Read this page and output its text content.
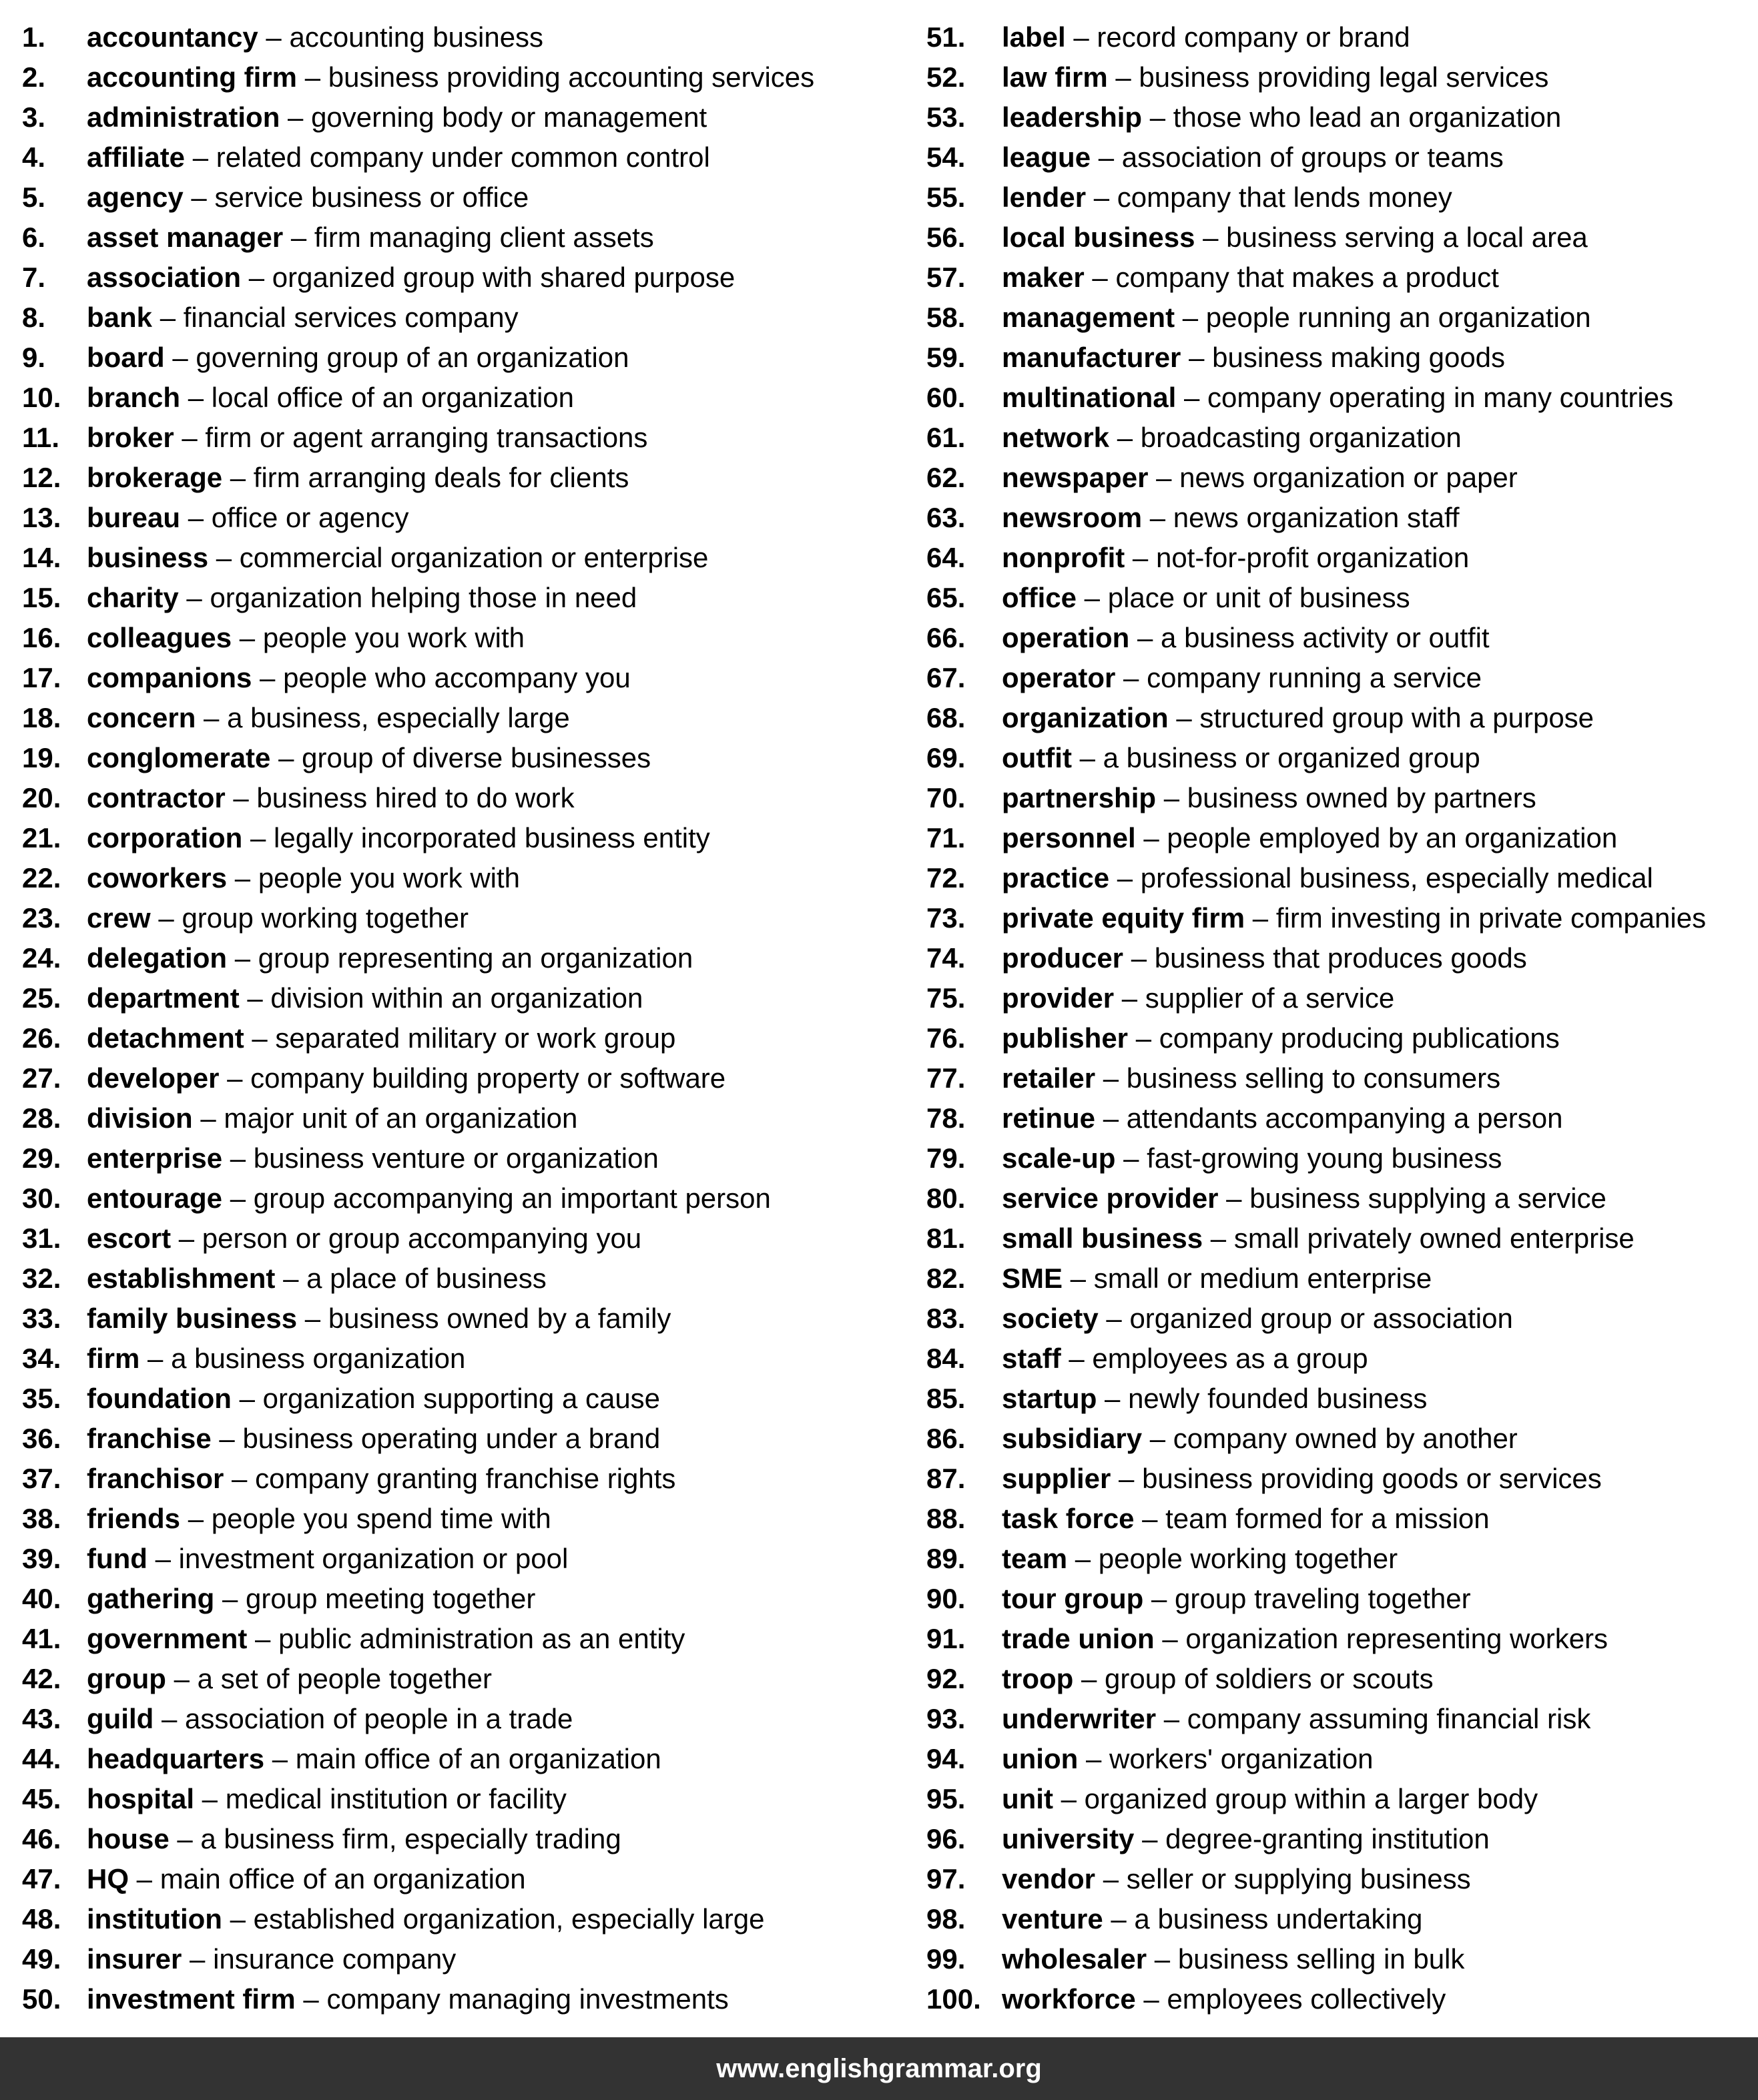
1. accountancy – accounting business
2. accounting firm – business providing accounting services
3. administration – governing body or management
4. affiliate – related company under common control
5. agency – service business or office
6. asset manager – firm managing client assets
7. association – organized group with shared purpose
8. bank – financial services company
9. board – governing group of an organization
10. branch – local office of an organization
11. broker – firm or agent arranging transactions
12. brokerage – firm arranging deals for clients
13. bureau – office or agency
14. business – commercial organization or enterprise
15. charity – organization helping those in need
16. colleagues – people you work with
17. companions – people who accompany you
18. concern – a business, especially large
19. conglomerate – group of diverse businesses
20. contractor – business hired to do work
21. corporation – legally incorporated business entity
22. coworkers – people you work with
23. crew – group working together
24. delegation – group representing an organization
25. department – division within an organization
26. detachment – separated military or work group
27. developer – company building property or software
28. division – major unit of an organization
29. enterprise – business venture or organization
30. entourage – group accompanying an important person
31. escort – person or group accompanying you
32. establishment – a place of business
33. family business – business owned by a family
34. firm – a business organization
35. foundation – organization supporting a cause
36. franchise – business operating under a brand
37. franchisor – company granting franchise rights
38. friends – people you spend time with
39. fund – investment organization or pool
40. gathering – group meeting together
41. government – public administration as an entity
42. group – a set of people together
43. guild – association of people in a trade
44. headquarters – main office of an organization
45. hospital – medical institution or facility
46. house – a business firm, especially trading
47. HQ – main office of an organization
48. institution – established organization, especially large
49. insurer – insurance company
50. investment firm – company managing investments
51. label – record company or brand
52. law firm – business providing legal services
53. leadership – those who lead an organization
54. league – association of groups or teams
55. lender – company that lends money
56. local business – business serving a local area
57. maker – company that makes a product
58. management – people running an organization
59. manufacturer – business making goods
60. multinational – company operating in many countries
61. network – broadcasting organization
62. newspaper – news organization or paper
63. newsroom – news organization staff
64. nonprofit – not-for-profit organization
65. office – place or unit of business
66. operation – a business activity or outfit
67. operator – company running a service
68. organization – structured group with a purpose
69. outfit – a business or organized group
70. partnership – business owned by partners
71. personnel – people employed by an organization
72. practice – professional business, especially medical
73. private equity firm – firm investing in private companies
74. producer – business that produces goods
75. provider – supplier of a service
76. publisher – company producing publications
77. retailer – business selling to consumers
78. retinue – attendants accompanying a person
79. scale-up – fast-growing young business
80. service provider – business supplying a service
81. small business – small privately owned enterprise
82. SME – small or medium enterprise
83. society – organized group or association
84. staff – employees as a group
85. startup – newly founded business
86. subsidiary – company owned by another
87. supplier – business providing goods or services
88. task force – team formed for a mission
89. team – people working together
90. tour group – group traveling together
91. trade union – organization representing workers
92. troop – group of soldiers or scouts
93. underwriter – company assuming financial risk
94. union – workers' organization
95. unit – organized group within a larger body
96. university – degree-granting institution
97. vendor – seller or supplying business
98. venture – a business undertaking
99. wholesaler – business selling in bulk
100. workforce – employees collectively
www.englishgrammar.org
